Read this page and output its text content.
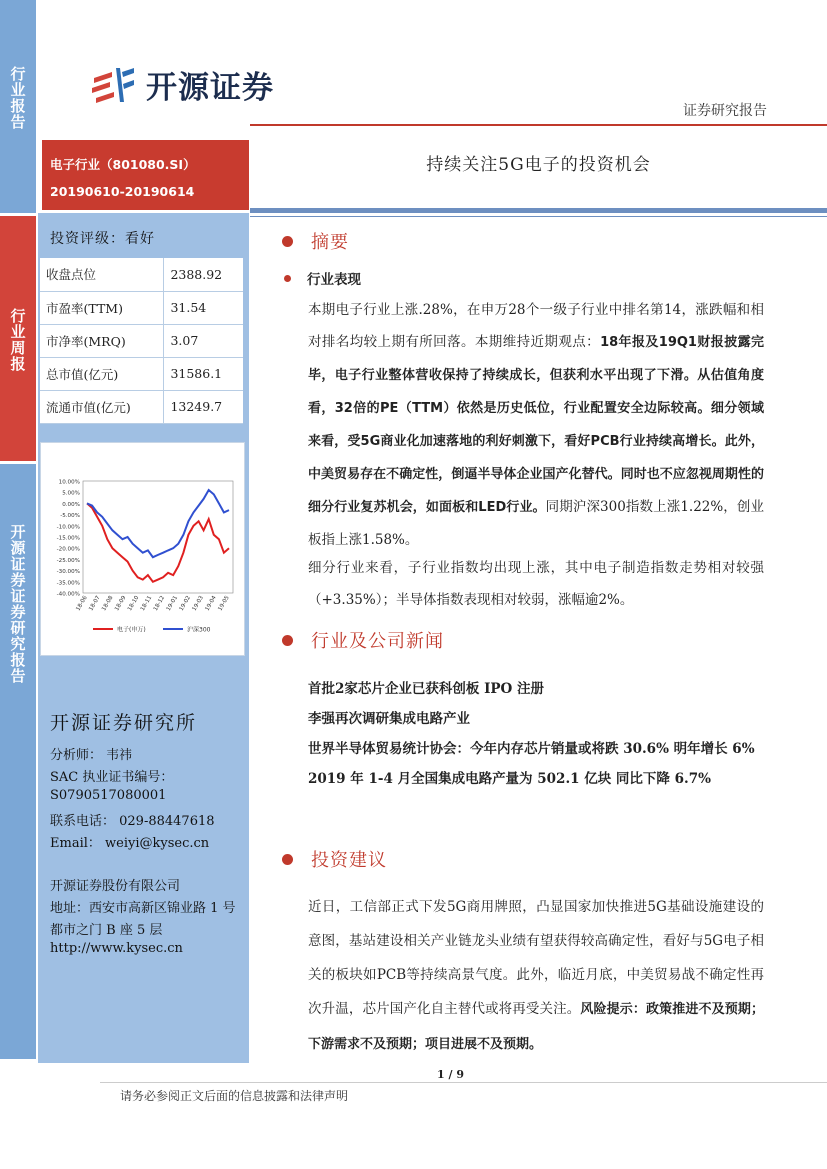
行业报告
行业周报
开源证券证券研究报告
开源证券
证券研究报告
电子行业（801080.SI）
20190610-20190614
持续关注5G电子的投资机会
投资评级：看好
收盘点位	2388.92
市盈率(TTM)	31.54
市净率(MRQ)	3.07
总市值(亿元)	31586.1
流通市值(亿元)	13249.7
10.00%
5.00%
0.00%
-5.00%
-10.00%
-15.00%
-20.00%
-25.00%
-30.00%
-35.00%
-40.00%
18-06 18-07 18-08 18-09 18-10 18-11 18-12 19-01 19-02 19-03 19-04 19-05
电子(申万)	沪深300
开源证券研究所
分析师： 韦祎
SAC 执业证书编号：
S0790517080001
联系电话： 029-88447618
Email： weiyi@kysec.cn
开源证券股份有限公司
地址：西安市高新区锦业路 1 号
都市之门 B 座 5 层
http://www.kysec.cn
摘要
行业表现
本期电子行业上涨.28%，在申万28个一级子行业中排名第14，涨跌幅和相对排名均较上期有所回落。本期维持近期观点：18年报及19Q1财报披露完毕，电子行业整体营收保持了持续成长，但获利水平出现了下滑。从估值角度看，32倍的PE（TTM）依然是历史低位，行业配置安全边际较高。细分领域来看，受5G商业化加速落地的利好刺激下，看好PCB行业持续高增长。此外，中美贸易存在不确定性，倒逼半导体企业国产化替代。同时也不应忽视周期性的细分行业复苏机会，如面板和LED行业。同期沪深300指数上涨1.22%，创业板指上涨1.58%。
细分行业来看，子行业指数均出现上涨，其中电子制造指数走势相对较强（+3.35%）；半导体指数表现相对较弱，涨幅逾2%。
行业及公司新闻
首批2家芯片企业已获科创板 IPO 注册
李强再次调研集成电路产业
世界半导体贸易统计协会：今年内存芯片销量或将跌 30.6% 明年增长 6%
2019 年 1-4 月全国集成电路产量为 502.1 亿块 同比下降 6.7%
投资建议
近日，工信部正式下发5G商用牌照，凸显国家加快推进5G基础设施建设的意图，基站建设相关产业链龙头业绩有望获得较高确定性，看好与5G电子相关的板块如PCB等持续高景气度。此外，临近月底，中美贸易战不确定性再次升温，芯片国产化自主替代或将再受关注。风险提示：政策推进不及预期；下游需求不及预期；项目进展不及预期。
1 / 9
请务必参阅正文后面的信息披露和法律声明
